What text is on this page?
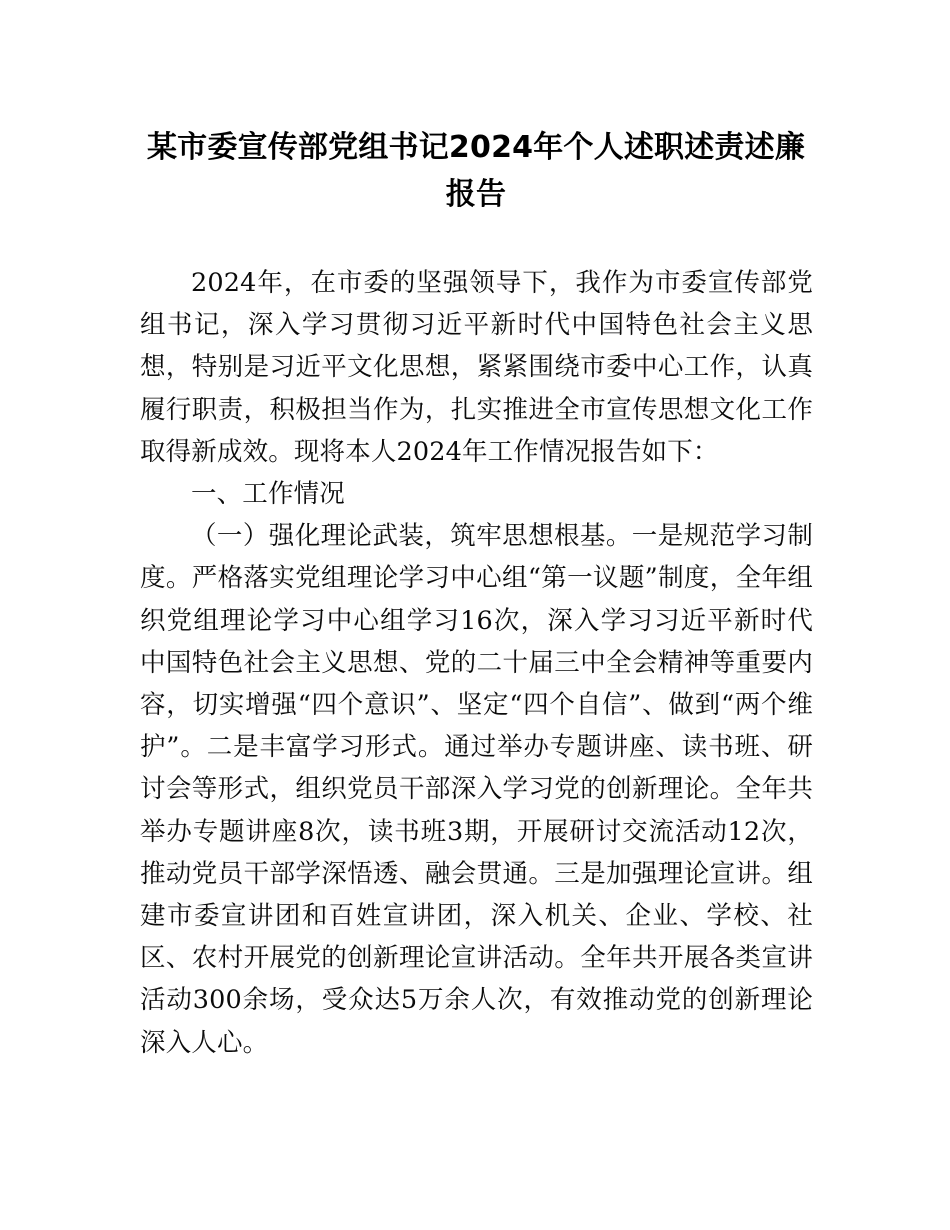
某市委宣传部党组书记2024年个人述职述责述廉报告

2024年，在市委的坚强领导下，我作为市委宣传部党组书记，深入学习贯彻习近平新时代中国特色社会主义思想，特别是习近平文化思想，紧紧围绕市委中心工作，认真履行职责，积极担当作为，扎实推进全市宣传思想文化工作取得新成效。现将本人2024年工作情况报告如下：

一、工作情况

（一）强化理论武装，筑牢思想根基。一是规范学习制度。严格落实党组理论学习中心组“第一议题”制度，全年组织党组理论学习中心组学习16次，深入学习习近平新时代中国特色社会主义思想、党的二十届三中全会精神等重要内容，切实增强“四个意识”、坚定“四个自信”、做到“两个维护”。二是丰富学习形式。通过举办专题讲座、读书班、研讨会等形式，组织党员干部深入学习党的创新理论。全年共举办专题讲座8次，读书班3期，开展研讨交流活动12次，推动党员干部学深悟透、融会贯通。三是加强理论宣讲。组建市委宣讲团和百姓宣讲团，深入机关、企业、学校、社区、农村开展党的创新理论宣讲活动。全年共开展各类宣讲活动300余场，受众达5万余人次，有效推动党的创新理论深入人心。
